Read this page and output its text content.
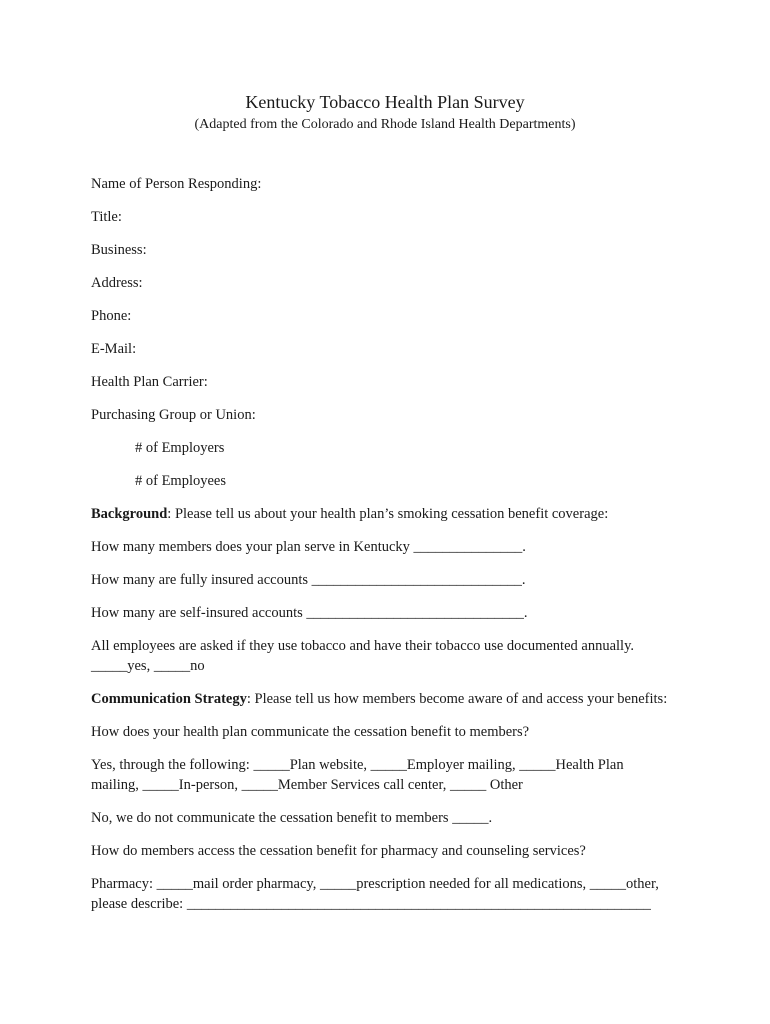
Kentucky Tobacco Health Plan Survey

(Adapted from the Colorado and Rhode Island Health Departments)

Name of Person Responding:

Title:

Business:

Address:

Phone:

E-Mail:

Health Plan Carrier:

Purchasing Group or Union:

# of Employers

# of Employees

Background: Please tell us about your health plan’s smoking cessation benefit coverage:

How many members does your plan serve in Kentucky _______________.

How many are fully insured accounts _____________________________.

How many are self-insured accounts ______________________________.

All employees are asked if they use tobacco and have their tobacco use documented annually.

_____yes, _____no

Communication Strategy: Please tell us how members become aware of and access your benefits:

How does your health plan communicate the cessation benefit to members?

Yes, through the following: _____Plan website, _____Employer mailing, _____Health Plan

mailing, _____In-person, _____Member Services call center, _____ Other

No, we do not communicate the cessation benefit to members _____.

How do members access the cessation benefit for pharmacy and counseling services?

Pharmacy: _____mail order pharmacy, _____prescription needed for all medications, _____other,

please describe: ________________________________________________________________
